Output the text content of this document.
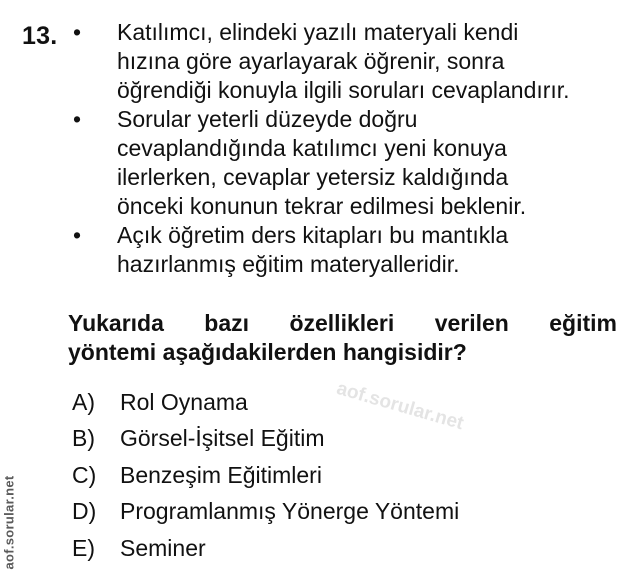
13. • Katılımcı, elindeki yazılı materyali kendi
hızına göre ayarlayarak öğrenir, sonra
öğrendiği konuyla ilgili soruları cevaplandırır.
• Sorular yeterli düzeyde doğru
cevaplandığında katılımcı yeni konuya
ilerlerken, cevaplar yetersiz kaldığında
önceki konunun tekrar edilmesi beklenir.
• Açık öğretim ders kitapları bu mantıkla
hazırlanmış eğitim materyalleridir.
Yukarıda bazı özellikleri verilen eğitim
yöntemi aşağıdakilerden hangisidir?
A) Rol Oynama
B) Görsel-İşitsel Eğitim
C) Benzeşim Eğitimleri
D) Programlanmış Yönerge Yöntemi
E) Seminer
aof.sorular.net
aof.sorular.net
